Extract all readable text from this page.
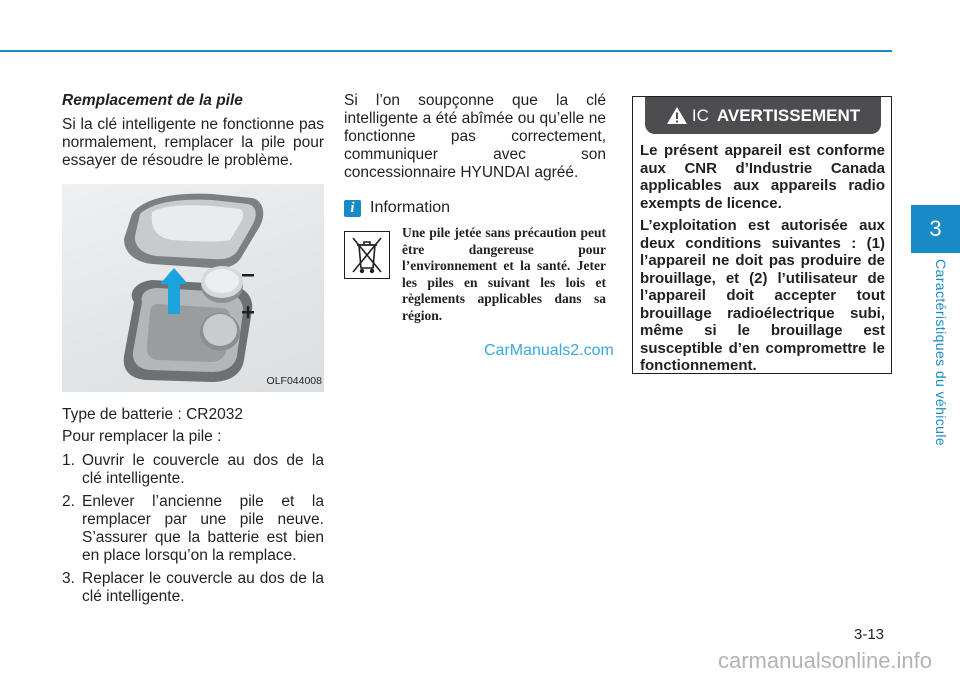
3
Caractéristiques du véhicule
Remplacement de la pile

Si la clé intelligente ne fonctionne pas normalement, remplacer la pile pour essayer de résoudre le problème.

OLF044008

Type de batterie : CR2032

Pour remplacer la pile :

1. Ouvrir le couvercle au dos de la clé intelligente.
2. Enlever l’ancienne pile et la remplacer par une pile neuve. S’assurer que la batterie est bien en place lorsqu’on la remplace.
3. Replacer le couvercle au dos de la clé intelligente.

Si l’on soupçonne que la clé intelligente a été abîmée ou qu’elle ne fonctionne pas correctement, communiquer avec son concessionnaire HYUNDAI agréé.

i Information
Une pile jetée sans précaution peut être dangereuse pour l’environnement et la santé. Jeter les piles en suivant les lois et règlements applicables dans sa région.
CarManuals2.com
IC AVERTISSEMENT

Le présent appareil est conforme aux CNR d’Industrie Canada applicables aux appareils radio exempts de licence.

L’exploitation est autorisée aux deux conditions suivantes : (1) l’appareil ne doit pas produire de brouillage, et (2) l’utilisateur de l’appareil doit accepter tout brouillage radioélectrique subi, même si le brouillage est susceptible d’en compromettre le fonctionnement.

3-13
carmanualsonline.info
